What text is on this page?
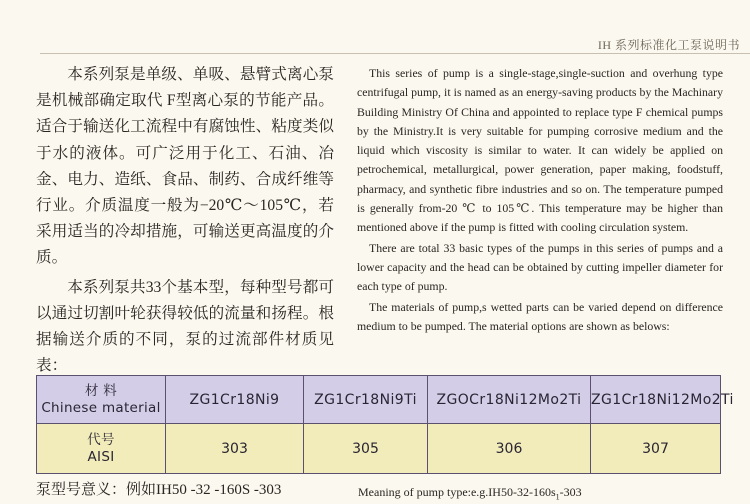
IH 系列标准化工泵说明书

本系列泵是单级、单吸、悬臂式离心泵是机械部确定取代 F型离心泵的节能产品。适合于输送化工流程中有腐蚀性、粘度类似于水的液体。可广泛用于化工、石油、冶金、电力、造纸、食品、制药、合成纤维等行业。介质温度一般为−20℃～105℃，若采用适当的冷却措施，可输送更高温度的介质。

本系列泵共33个基本型，每种型号都可以通过切割叶轮获得较低的流量和扬程。根据输送介质的不同，泵的过流部件材质见表：

This series of pump is a single-stage,single-suction and overhung type centrifugal pump, it is named as an energy-saving products by the Machinary Building Ministry Of China and appointed to replace type F chemical pumps by the Ministry.It is very suitable for pumping corrosive medium and the liquid which viscosity is similar to water. It can widely be applied on petrochemical, metallurgical, power generation, paper making, foodstuff, pharmacy, and synthetic fibre industries and so on. The temperature pumped is generally from-20 ℃ to 105℃. This temperature may be higher than mentioned above if the pump is fitted with cooling circulation system.

There are total 33 basic types of the pumps in this series of pumps and a lower capacity and the head can be obtained by cutting impeller diameter for each type of pump.

The materials of pump,s wetted parts can be varied depend on difference medium to be pumped. The material options are shown as belows:

材 料
Chinese material	ZG1Cr18Ni9	ZG1Cr18Ni9Ti	ZGOCr18Ni12Mo2Ti	ZG1Cr18Ni12Mo2Ti

代号
AISI	303	305	306	307
泵型号意义：例如IH50 -32 -160S -303	Meaning of pump $type:e.g.IH50-32-160s_1-303$
